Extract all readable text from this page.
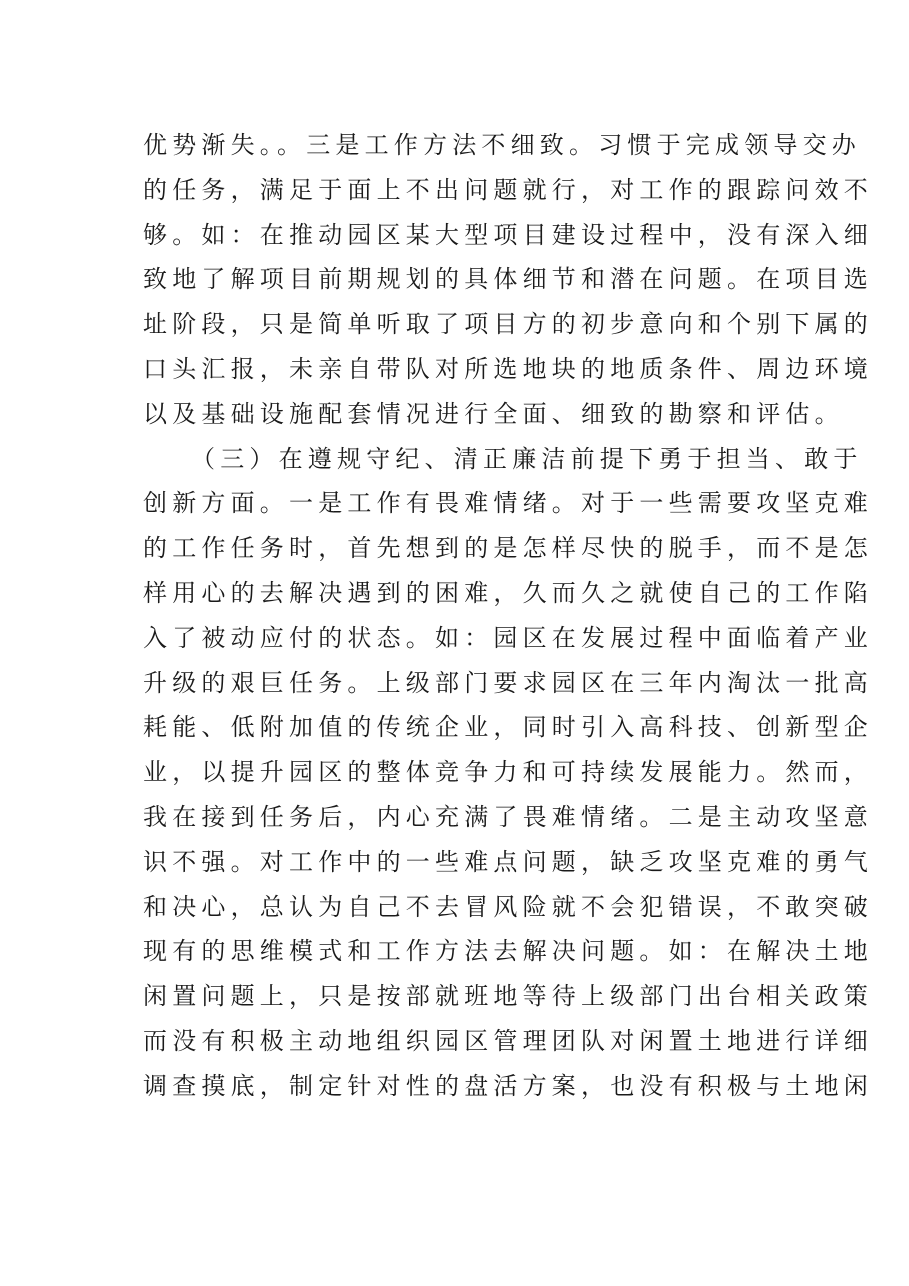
优势渐失。。三是工作方法不细致。习惯于完成领导交办
的任务，满足于面上不出问题就行，对工作的跟踪问效不
够。如：在推动园区某大型项目建设过程中，没有深入细
致地了解项目前期规划的具体细节和潜在问题。在项目选
址阶段，只是简单听取了项目方的初步意向和个别下属的
口头汇报，未亲自带队对所选地块的地质条件、周边环境
以及基础设施配套情况进行全面、细致的勘察和评估。
（三）在遵规守纪、清正廉洁前提下勇于担当、敢于
创新方面。一是工作有畏难情绪。对于一些需要攻坚克难
的工作任务时，首先想到的是怎样尽快的脱手，而不是怎
样用心的去解决遇到的困难，久而久之就使自己的工作陷
入了被动应付的状态。如：园区在发展过程中面临着产业
升级的艰巨任务。上级部门要求园区在三年内淘汰一批高
耗能、低附加值的传统企业，同时引入高科技、创新型企
业，以提升园区的整体竞争力和可持续发展能力。然而，
我在接到任务后，内心充满了畏难情绪。二是主动攻坚意
识不强。对工作中的一些难点问题，缺乏攻坚克难的勇气
和决心，总认为自己不去冒风险就不会犯错误，不敢突破
现有的思维模式和工作方法去解决问题。如：在解决土地
闲置问题上，只是按部就班地等待上级部门出台相关政策
而没有积极主动地组织园区管理团队对闲置土地进行详细
调查摸底，制定针对性的盘活方案，也没有积极与土地闲
